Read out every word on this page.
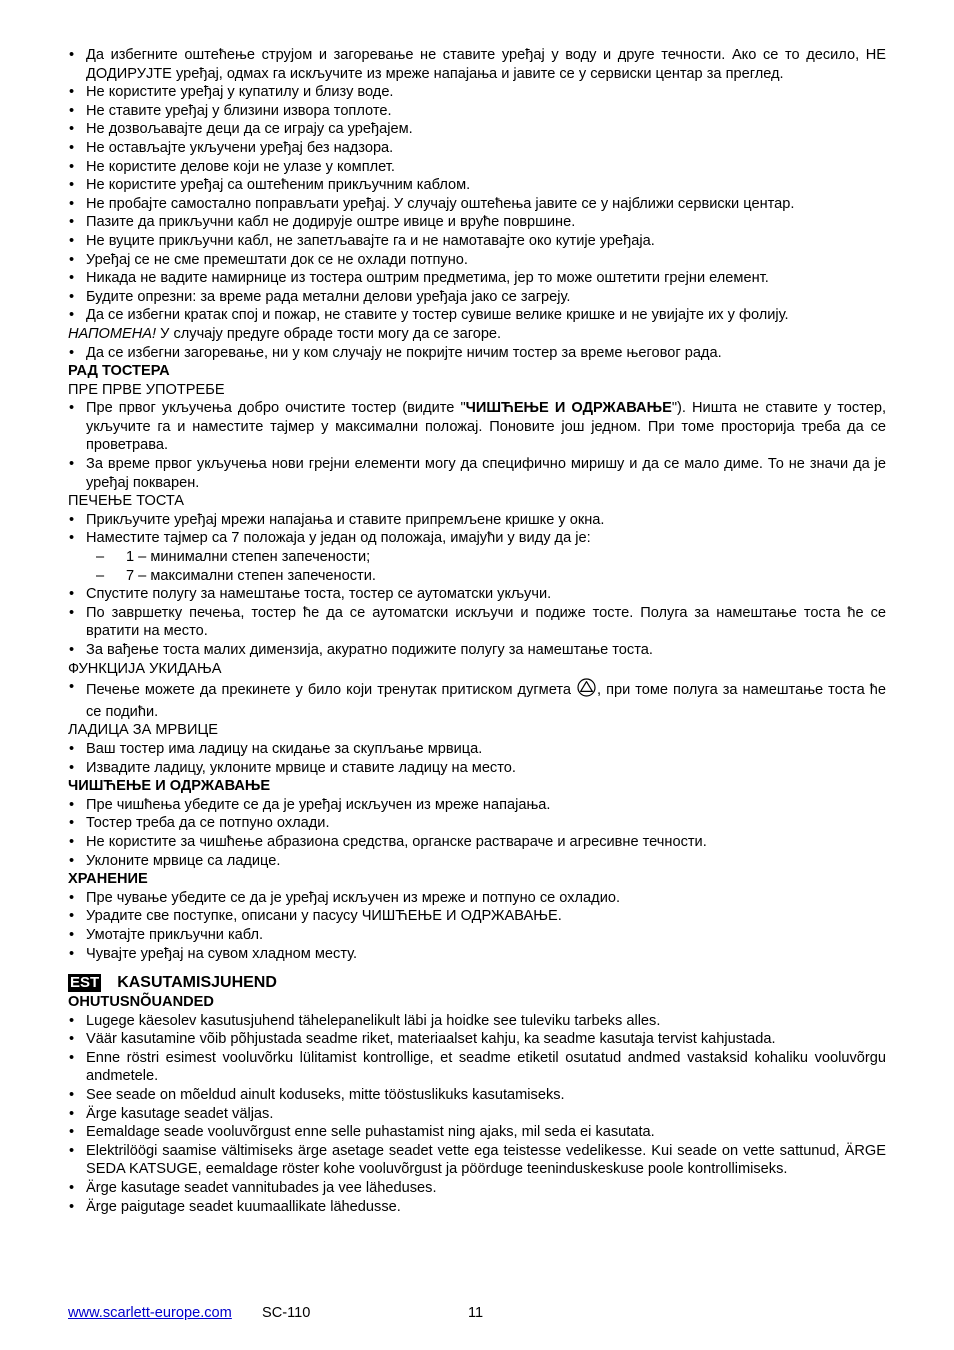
• Да избегните оштећење струјом и загоревање не ставите уређај у воду и друге течности. Ако се то десило, НЕ ДОДИРУЈТЕ уређај, одмах га искључите из мреже напајања и јавите се у сервиски центар за преглед.
• Не користите уређај у купатилу и близу воде.
• Не ставите уређај у близини извора топлоте.
• Не дозвољавајте деци да се играју са уређајем.
• Не остављајте укључени уређај без надзора.
• Не користите делове који не улазе у комплет.
• Не користите уређај са оштећеним прикључним каблом.
• Не пробајте самостално поправљати уређај. У случају оштећења јавите се у најближи сервиски центар.
• Пазите да прикључни кабл не додирује оштре ивице и вруће површине.
• Не вуците прикључни кабл, не запетљавајте га и не намотавајте око кутије уређаја.
• Уређај се не сме премештати док се не охлади потпуно.
• Никада не вадите намирнице из тостера оштрим предметима, јер то може оштетити грејни елемент.
• Будите опрезни: за време рада метални делови уређаја јако се загреју.
• Да се избегни кратак спој и пожар, не ставите у тостер сувише велике кришке и не увијајте их у фолију.
НАПОМЕНА! У случају предуге обраде тости могу да се загоре.
• Да се избегни загоревање, ни у ком случају не покријте ничим тостер за време његовог рада.
РАД ТОСТЕРА
ПРЕ ПРВЕ УПОТРЕБЕ
• Пре првог укључења добро очистите тостер (видите "ЧИШЋЕЊЕ И ОДРЖАВАЊЕ"). Ништа не ставите у тостер, укључите га и наместите тајмер у максимални положај. Поновите још једном. При томе просторија треба да се проветрава.
• За време првог укључења нови грејни елементи могу да специфично миришу и да се мало диме. То не значи да је уређај покварен.
ПЕЧЕЊЕ ТОСТА
• Прикључите уређај мрежи напајања и ставите припремљене кришке у окна.
• Наместите тајмер са 7 положаја у један од положаја, имајући у виду да је:
– 1 – минимални степен запечености;
– 7 – максимални степен запечености.
• Спустите полугу за намештање тоста, тостер се аутоматски укључи.
• По завршетку печења, тостер ће да се аутоматски искључи и подиже тосте. Полуга за намештање тоста ће се вратити на место.
• За вађење тоста малих димензија, акуратно подижите полугу за намештање тоста.
ФУНКЦИЈА УКИДАЊА
• Печење можете да прекинете у било који тренутак притиском дугмета , при томе полуга за намештање тоста ће се подићи.
ЛАДИЦА ЗА МРВИЦЕ
• Ваш тостер има ладицу на скидање за скупљање мрвица.
• Извадите ладицу, уклоните мрвице и ставите ладицу на место.
ЧИШЋЕЊЕ И ОДРЖАВАЊЕ
• Пре чишћења убедите се да је уређај искључен из мреже напајања.
• Тостер треба да се потпуно охлади.
• Не користите за чишћење абразиона средства, органске растварачe и агресивне течности.
• Уклоните мрвице са ладице.
ХРАНЕНИЕ
• Пре чување убедите се да је уређај искључен из мреже и потпуно се охладио.
• Урадите све поступке, описани у пасусу ЧИШЋЕЊЕ И ОДРЖАВАЊЕ.
• Умотајте прикључни кабл.
• Чувајте уређај на сувом хладном месту.
EST KASUTAMISJUHEND
OHUTUSNÕUANDED
• Lugege käesolev kasutusjuhend tähelepanelikult läbi ja hoidke see tuleviku tarbeks alles.
• Väär kasutamine võib põhjustada seadme riket, materiaalset kahju, ka seadme kasutaja tervist kahjustada.
• Enne röstri esimest vooluvõrku lülitamist kontrollige, et seadme etiketil osutatud andmed vastaksid kohaliku vooluvõrgu andmetele.
• See seade on mõeldud ainult koduseks, mitte tööstuslikuks kasutamiseks.
• Ärge kasutage seadet väljas.
• Eemaldage seade vooluvõrgust enne selle puhastamist ning ajaks, mil seda ei kasutata.
• Elektrilöögi saamise vältimiseks ärge asetage seadet vette ega teistesse vedelikesse. Kui seade on vette sattunud, ÄRGE SEDA KATSUGE, eemaldage röster kohe vooluvõrgust ja pöörduge teeninduskeskuse poole kontrollimiseks.
• Ärge kasutage seadet vannitubades ja vee läheduses.
• Ärge paigutage seadet kuumaallikate lähedusse.
www.scarlett-europe.com SC-110	11
